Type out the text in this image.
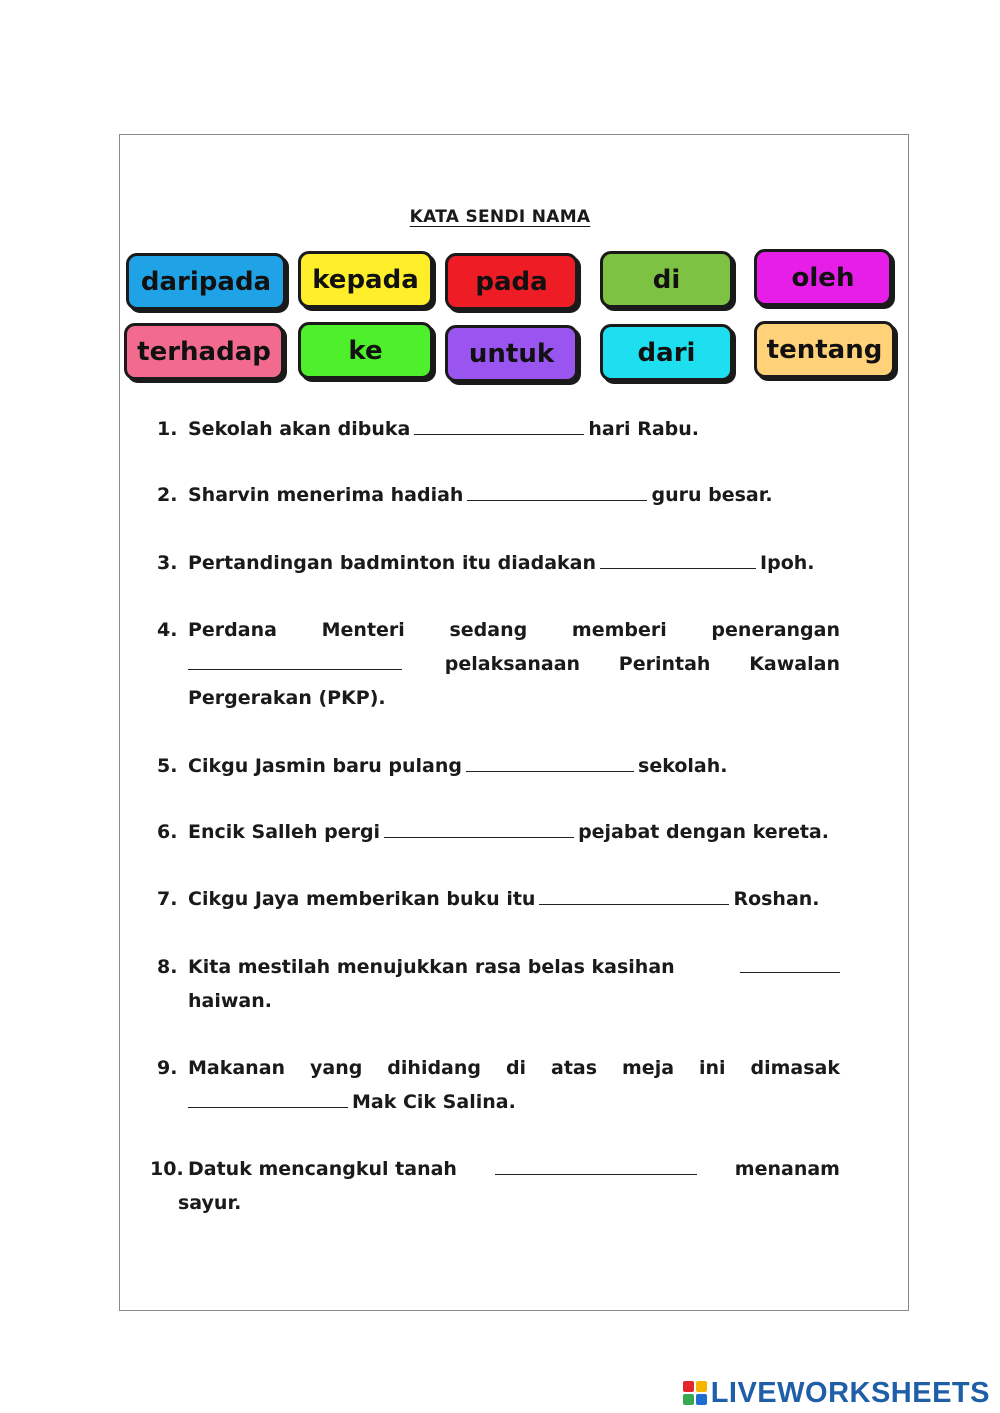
KATA SENDI NAMA
daripada	kepada	pada	di	oleh
terhadap	ke	untuk	dari	tentang
1. Sekolah akan dibuka	hari Rabu.
2. Sharvin menerima hadiah	guru besar.
3. Pertandingan badminton itu diadakan	Ipoh.
4. Perdana Menteri sedang memberi penerangan
pelaksanaan Perintah Kawalan
Pergerakan (PKP).
5. Cikgu Jasmin baru pulang	sekolah.
6. Encik Salleh pergi	pejabat dengan kereta.
7. Cikgu Jaya memberikan buku itu	Roshan.
8. Kita mestilah menujukkan rasa belas kasihan
haiwan.
9. Makanan yang dihidang di atas meja ini dimasak
Mak Cik Salina.
10. Datuk mencangkul tanah	menanam
sayur.
LIVEWORKSHEETS
